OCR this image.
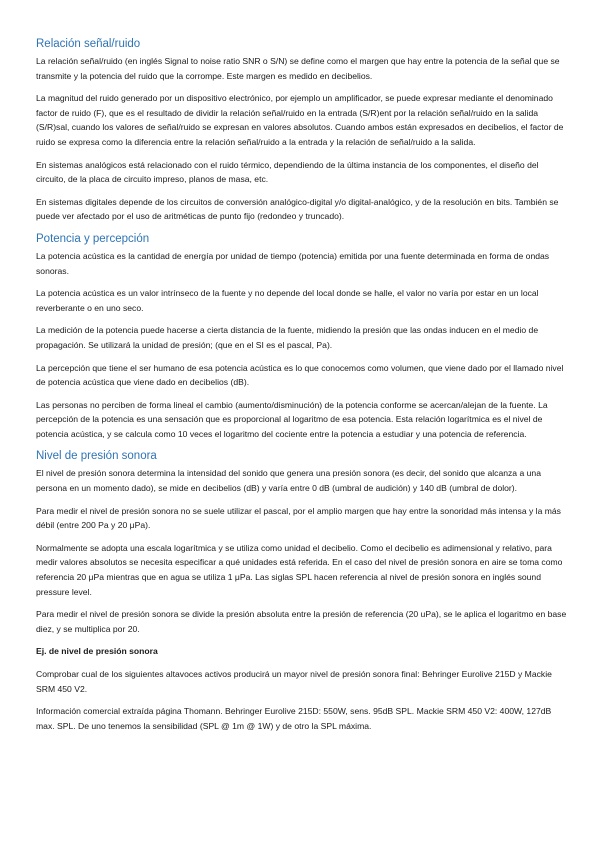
Relación señal/ruido

La relación señal/ruido (en inglés Signal to noise ratio SNR o S/N) se define como el margen que hay entre la potencia de la señal que se transmite y la potencia del ruido que la corrompe. Este margen es medido en decibelios.

La magnitud del ruido generado por un dispositivo electrónico, por ejemplo un amplificador, se puede expresar mediante el denominado factor de ruido (F), que es el resultado de dividir la relación señal/ruido en la entrada (S/R)ent por la relación señal/ruido en la salida (S/R)sal, cuando los valores de señal/ruido se expresan en valores absolutos. Cuando ambos están expresados en decibelios, el factor de ruido se expresa como la diferencia entre la relación señal/ruido a la entrada y la relación de señal/ruido a la salida.

En sistemas analógicos está relacionado con el ruido térmico, dependiendo de la última instancia de los componentes, el diseño del circuito, de la placa de circuito impreso, planos de masa, etc.

En sistemas digitales depende de los circuitos de conversión analógico-digital y/o digital-analógico, y de la resolución en bits. También se puede ver afectado por el uso de aritméticas de punto fijo (redondeo y truncado).

Potencia y percepción

La potencia acústica es la cantidad de energía por unidad de tiempo (potencia) emitida por una fuente determinada en forma de ondas sonoras.

La potencia acústica es un valor intrínseco de la fuente y no depende del local donde se halle, el valor no varía por estar en un local reverberante o en uno seco.

La medición de la potencia puede hacerse a cierta distancia de la fuente, midiendo la presión que las ondas inducen en el medio de propagación. Se utilizará la unidad de presión; (que en el SI es el pascal, Pa).

La percepción que tiene el ser humano de esa potencia acústica es lo que conocemos como volumen, que viene dado por el llamado nivel de potencia acústica que viene dado en decibelios (dB).

Las personas no perciben de forma lineal el cambio (aumento/disminución) de la potencia conforme se acercan/alejan de la fuente. La percepción de la potencia es una sensación que es proporcional al logaritmo de esa potencia. Esta relación logarítmica es el nivel de potencia acústica, y se calcula como 10 veces el logaritmo del cociente entre la potencia a estudiar y una potencia de referencia.

Nivel de presión sonora

El nivel de presión sonora determina la intensidad del sonido que genera una presión sonora (es decir, del sonido que alcanza a una persona en un momento dado), se mide en decibelios (dB) y varía entre 0 dB (umbral de audición) y 140 dB (umbral de dolor).

Para medir el nivel de presión sonora no se suele utilizar el pascal, por el amplio margen que hay entre la sonoridad más intensa y la más débil (entre 200 Pa y 20 μPa).

Normalmente se adopta una escala logarítmica y se utiliza como unidad el decibelio. Como el decibelio es adimensional y relativo, para medir valores absolutos se necesita especificar a qué unidades está referida. En el caso del nivel de presión sonora en aire se toma como referencia 20 μPa mientras que en agua se utiliza 1 μPa. Las siglas SPL hacen referencia al nivel de presión sonora en inglés sound pressure level.

Para medir el nivel de presión sonora se divide la presión absoluta entre la presión de referencia (20 uPa), se le aplica el logaritmo en base diez, y se multiplica por 20.

Ej. de nivel de presión sonora

Comprobar cual de los siguientes altavoces activos producirá un mayor nivel de presión sonora final: Behringer Eurolive 215D y Mackie SRM 450 V2.

Información comercial extraída página Thomann. Behringer Eurolive 215D: 550W, sens. 95dB SPL. Mackie SRM 450 V2: 400W, 127dB max. SPL. De uno tenemos la sensibilidad (SPL @ 1m @ 1W) y de otro la SPL máxima.
